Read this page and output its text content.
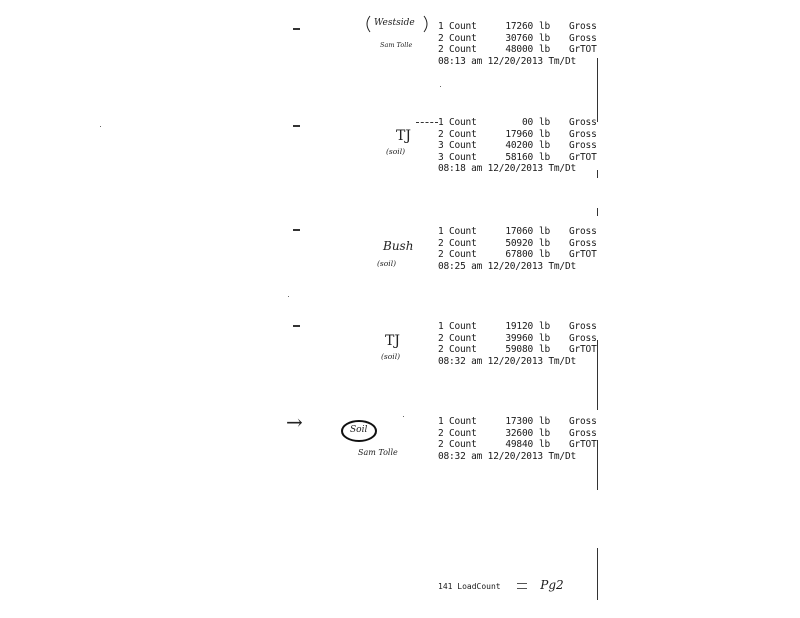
1 Count	17260 lb Gross
2 Count	30760 lb Gross
2 Count	48000 lb GrTOT
08:13 am 12/20/2013 Tm/Dt
Westside
Sam Tolle
1 Count	00 lb Gross
2 Count	17960 lb Gross
3 Count	40200 lb Gross
3 Count	58160 lb GrTOT
08:18 am 12/20/2013 Tm/Dt
TJ
(soil)
1 Count	17060 lb Gross
2 Count	50920 lb Gross
2 Count	67800 lb GrTOT
08:25 am 12/20/2013 Tm/Dt
Bush
(soil)
1 Count	19120 lb Gross
2 Count	39960 lb Gross
2 Count	59080 lb GrTOT
08:32 am 12/20/2013 Tm/Dt
TJ
(soil)
1 Count	17300 lb Gross
2 Count	32600 lb Gross
2 Count	49840 lb GrTOT
08:32 am 12/20/2013 Tm/Dt
→	Soil
Sam Tolle
141 LoadCount	Pg2
